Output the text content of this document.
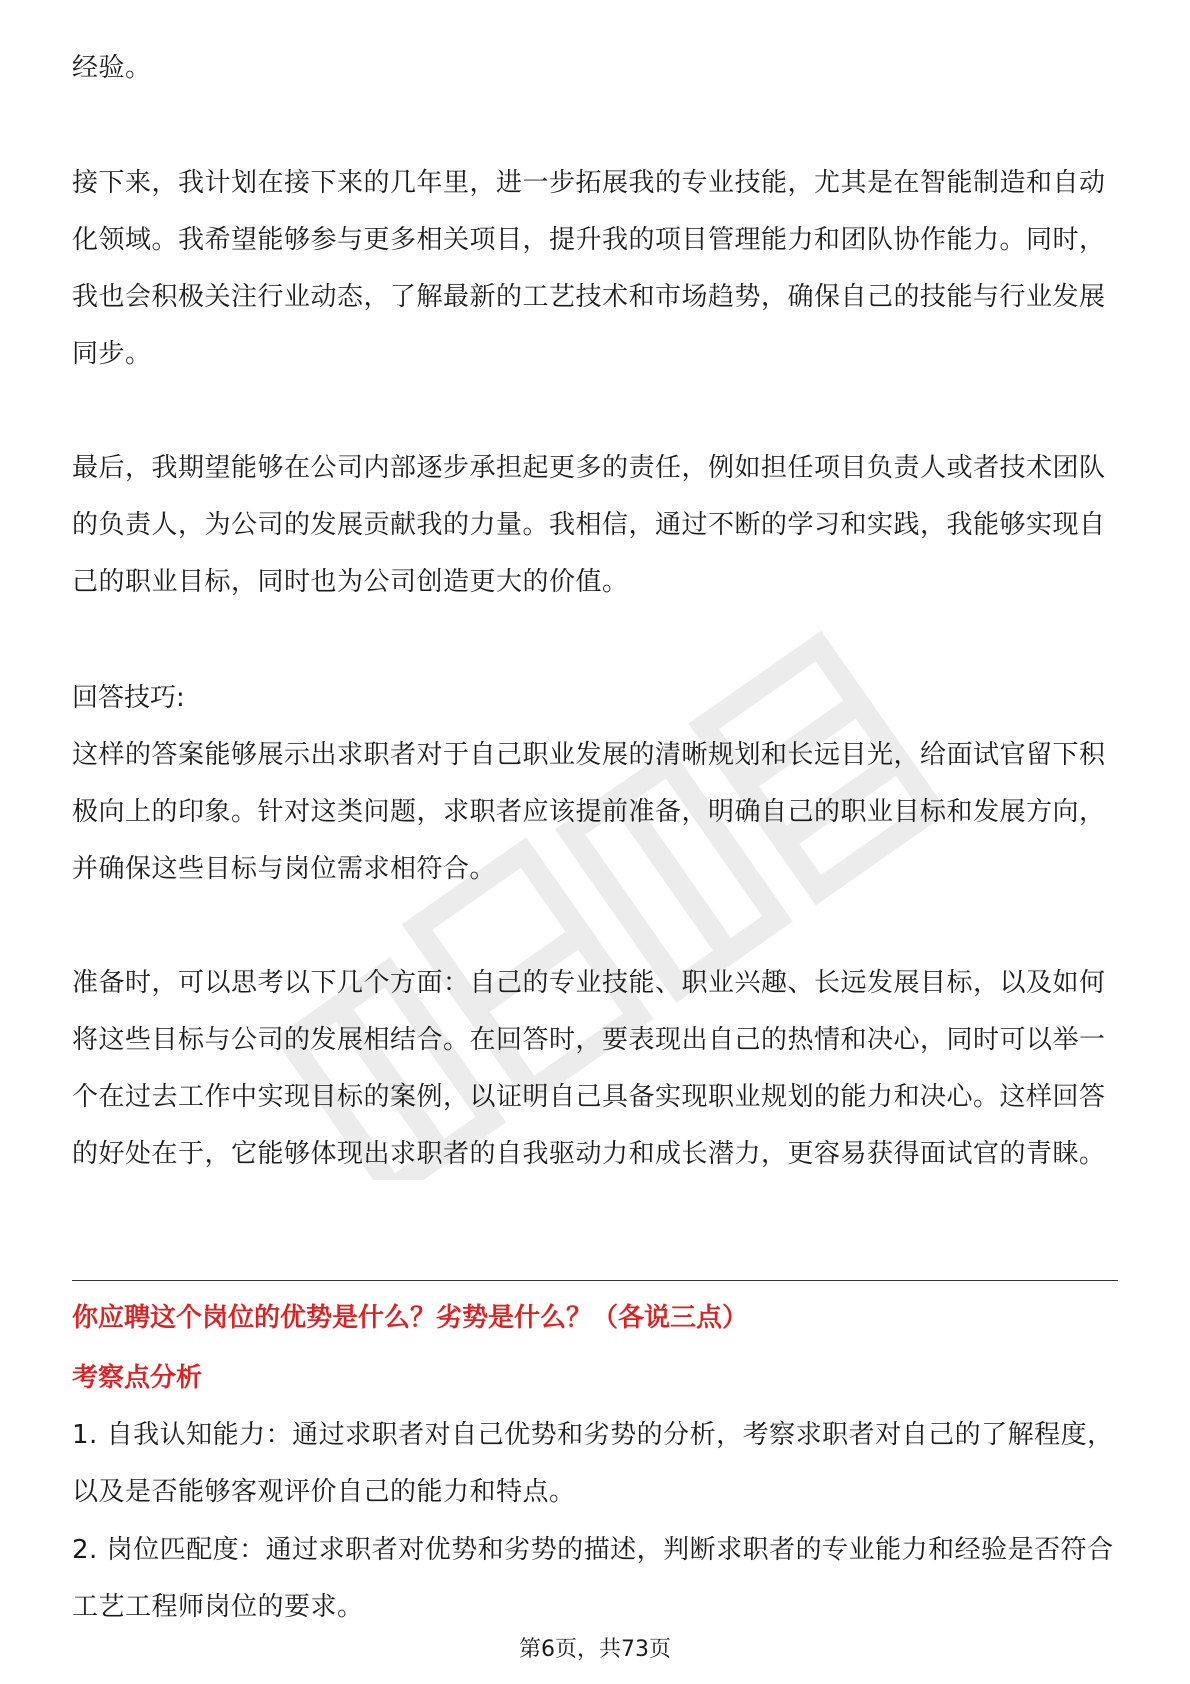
经验。

接下来，我计划在接下来的几年里，进一步拓展我的专业技能，尤其是在智能制造和自动化领域。我希望能够参与更多相关项目，提升我的项目管理能力和团队协作能力。同时，我也会积极关注行业动态，了解最新的工艺技术和市场趋势，确保自己的技能与行业发展同步。

最后，我期望能够在公司内部逐步承担起更多的责任，例如担任项目负责人或者技术团队的负责人，为公司的发展贡献我的力量。我相信，通过不断的学习和实践，我能够实现自己的职业目标，同时也为公司创造更大的价值。

回答技巧:

这样的答案能够展示出求职者对于自己职业发展的清晰规划和长远目光，给面试官留下积极向上的印象。针对这类问题，求职者应该提前准备，明确自己的职业目标和发展方向，并确保这些目标与岗位需求相符合。

准备时，可以思考以下几个方面：自己的专业技能、职业兴趣、长远发展目标，以及如何将这些目标与公司的发展相结合。在回答时，要表现出自己的热情和决心，同时可以举一个在过去工作中实现目标的案例，以证明自己具备实现职业规划的能力和决心。这样回答的好处在于，它能够体现出求职者的自我驱动力和成长潜力，更容易获得面试官的青睐。

你应聘这个岗位的优势是什么？劣势是什么？（各说三点）
考察点分析

1. 自我认知能力：通过求职者对自己优势和劣势的分析，考察求职者对自己的了解程度，以及是否能够客观评价自己的能力和特点。

2. 岗位匹配度：通过求职者对优势和劣势的描述，判断求职者的专业能力和经验是否符合工艺工程师岗位的要求。

第6页，共73页
